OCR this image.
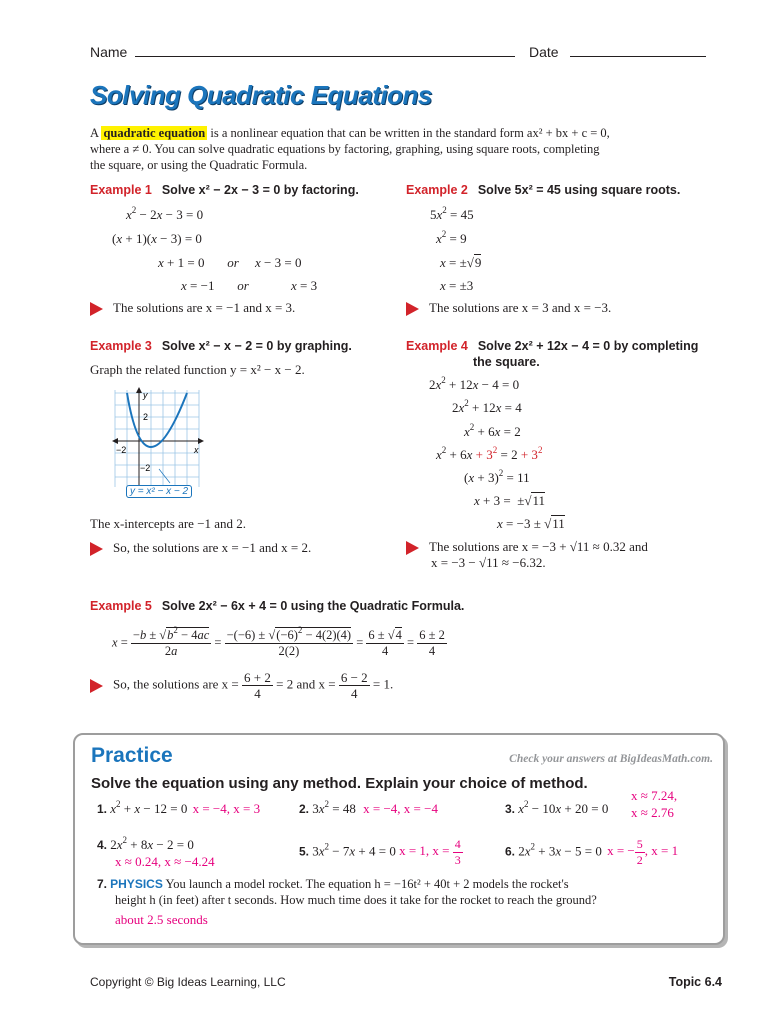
Name	Date
Solving Quadratic Equations
A quadratic equation is a nonlinear equation that can be written in the standard form ax² + bx + c = 0,
where a ≠ 0. You can solve quadratic equations by factoring, graphing, using square roots, completing
the square, or using the Quadratic Formula.
Example 1 Solve x² − 2x − 3 = 0 by factoring.
$x^2 - 2x - 3 = 0$
(x + 1)(x − 3) = 0
x + 1 = 0       or x − 3 = 0
x = −1       or	x = 3
The solutions are x = −1 and x = 3.
Example 2 Solve 5x² = 45 using square roots.
$5x^2 = 45$
$x^2 = 9$
x = ±√9
x = ±3
The solutions are x = 3 and x = −3.
Example 3 Solve x² − x − 2 = 0 by graphing.
Graph the related function y = x² − x − 2.
y
x
2
−2
−2
y = x² − x − 2
The x-intercepts are −1 and 2.
So, the solutions are x = −1 and x = 2.
Example 4 Solve 2x² + 12x − 4 = 0 by completing
the square.
$2x^2 + 12x - 4 = 0$
$2x^2 + 12x = 4$
$x^2 + 6x = 2$
$x^2 + 6x + 3^2 = 2 + 3^2$
$(x + 3)^2 = 11$
x + 3 =  ±√11
x = −3 ± √11
The solutions are x = −3 + √11 ≈ 0.32 and
x = −3 − √11 ≈ −6.32.
Example 5 Solve 2x² − 6x + 4 = 0 using the Quadratic Formula.
$x = \frac{-b \pm √b^2 - 4ac}{2a} = \frac{-(-6) \pm √(-6)^2 - 4(2)(4)}{2(2)} = \frac{6 \pm √4}{4} = \frac{6 \pm 2}{4}$
So, the solutions are $x = \frac{6 + 2}{4} = 2$ and $x = \frac{6 - 2}{4} = 1$.
Practice	Check your answers at BigIdeasMath.com.
Solve the equation using any method. Explain your choice of method.
1. $x^2 + x - 12 = 0$ x = −4, x = 3	2. $3x^2 = 48$ x = −4, x = −4	3. $x^2 - 10x + 20 = 0$
x ≈ 7.24,
x ≈ 2.76
4. $2x^2 + 8x - 2 = 0$
x ≈ 0.24, x ≈ −4.24
5. $3x^2 - 7x + 4 = 0$ x = 1, $x = \frac{4}{3}$	6. $2x^2 + 3x - 5 = 0$ x = − $\frac{5}{2}$ , x = 1
7. PHYSICS You launch a model rocket. The equation h = −16t² + 40t + 2 models the rocket's
height h (in feet) after t seconds. How much time does it take for the rocket to reach the ground?
about 2.5 seconds
Copyright © Big Ideas Learning, LLC	Topic 6.4
